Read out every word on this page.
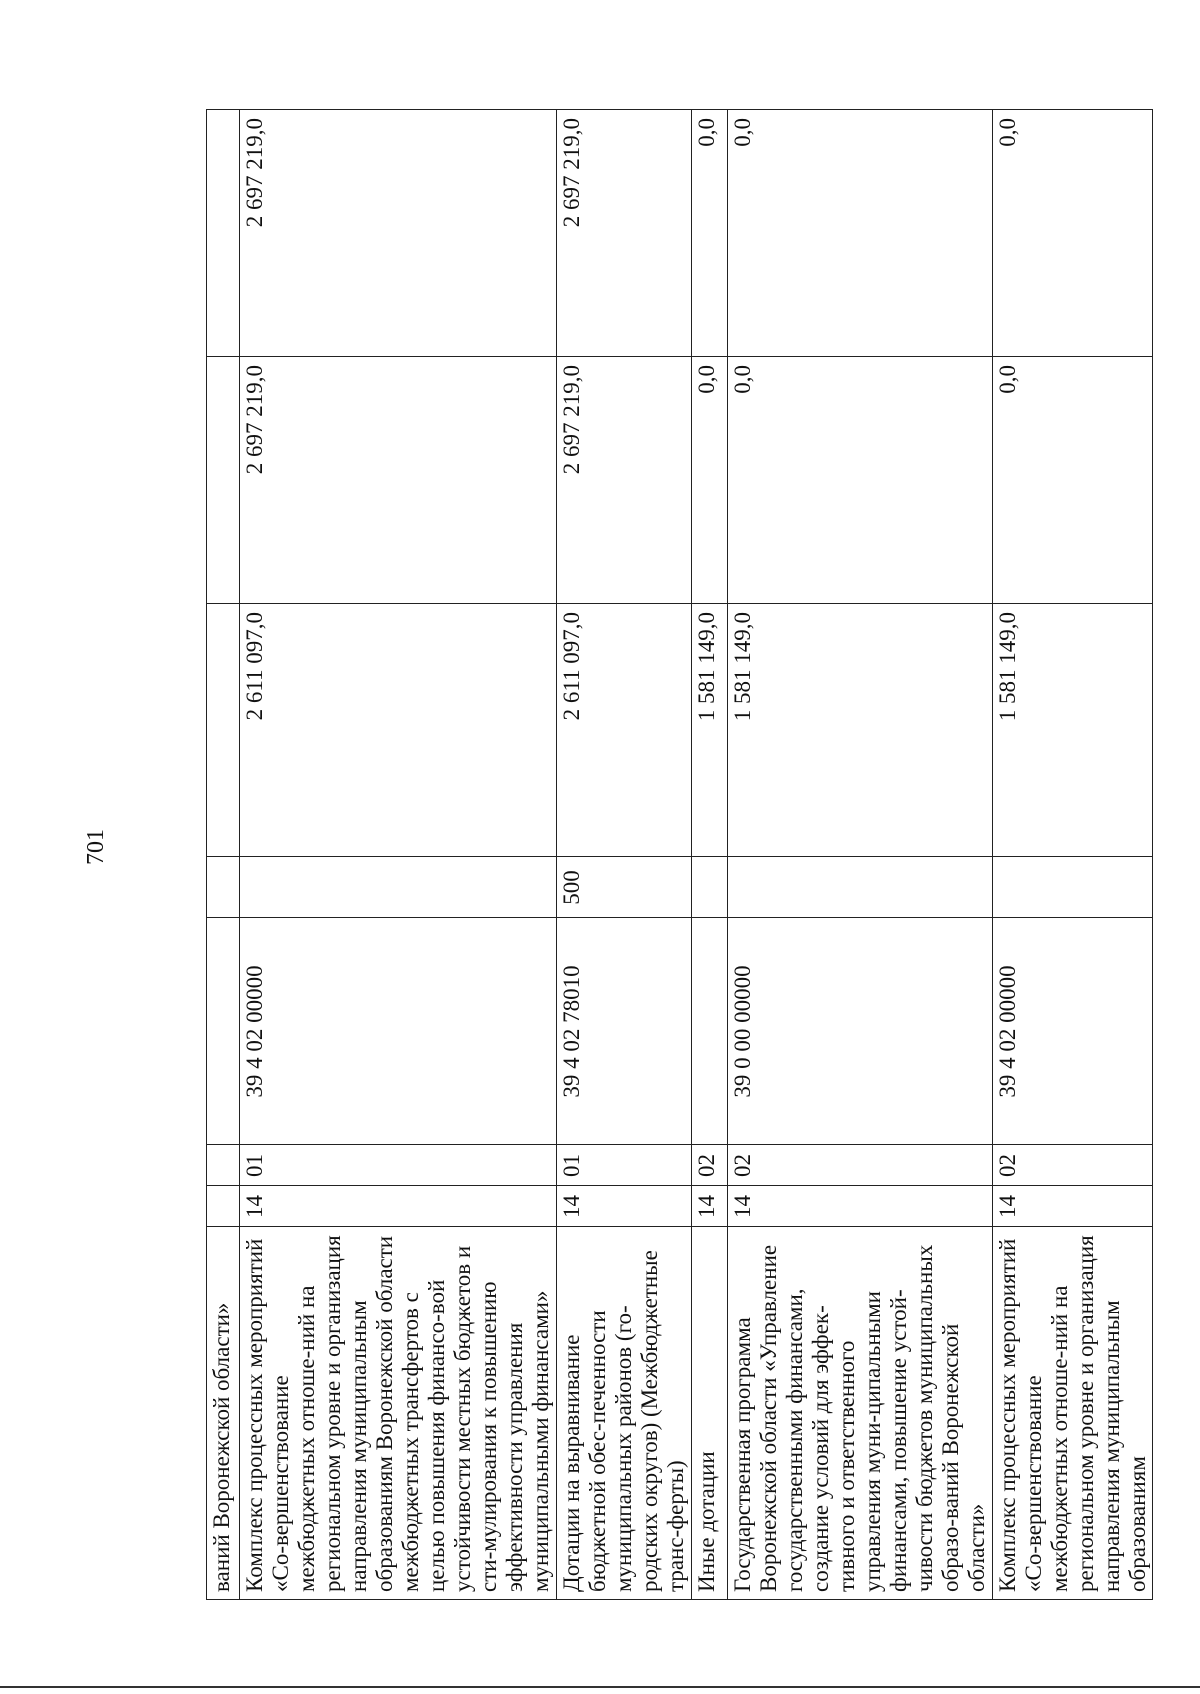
701
ваний Воронежской области»							
Комплекс процессных мероприятий «Со-вершенствование межбюджетных отноше-ний на региональном уровне и организация направления муниципальным образованиям Воронежской области межбюджетных трансфертов с целью повышения финансо-вой устойчивости местных бюджетов и сти-мулирования к повышению эффективности управления муниципальными финансами»	14	01	39 4 02 00000		2 611 097,0	2 697 219,0	2 697 219,0
Дотации на выравнивание бюджетной обес-печенности муниципальных районов (го-родских округов) (Межбюджетные транс-ферты)	14	01	39 4 02 78010	500	2 611 097,0	2 697 219,0	2 697 219,0
Иные дотации	14	02			1 581 149,0	0,0	0,0
Государственная программа Воронежской области «Управление государственными финансами, создание условий для эффек-тивного и ответственного управления муни-ципальными финансами, повышение устой-чивости бюджетов муниципальных образо-ваний Воронежской области»	14	02	39 0 00 00000		1 581 149,0	0,0	0,0
Комплекс процессных мероприятий «Со-вершенствование межбюджетных отноше-ний на региональном уровне и организация направления муниципальным образованиям	14	02	39 4 02 00000		1 581 149,0	0,0	0,0
